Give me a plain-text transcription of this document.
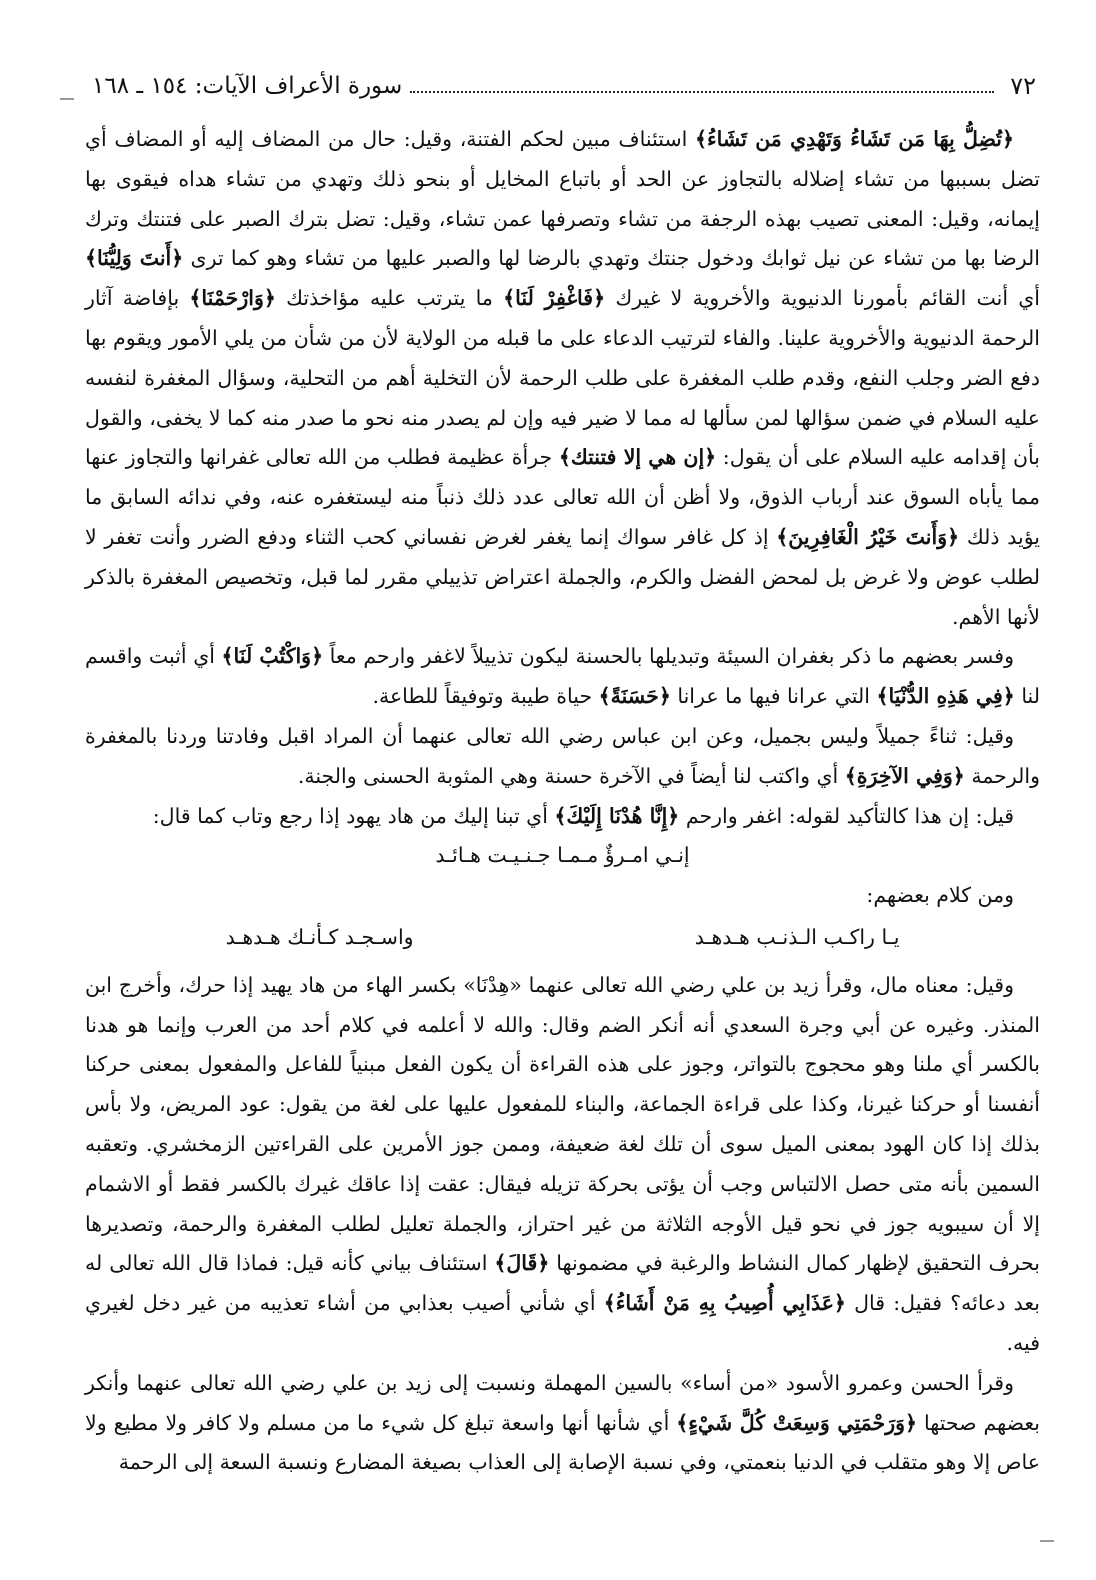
٧٢
سورة الأعراف الآيات: ١٥٤ ـ ١٦٨

﴿تُضِلُّ بِهَا مَن تَشَاءُ وَتَهْدِي مَن تَشَاءُ﴾ استئناف مبين لحكم الفتنة، وقيل: حال من المضاف إليه أو المضاف أي تضل بسببها من تشاء إضلاله بالتجاوز عن الحد أو باتباع المخايل أو بنحو ذلك وتهدي من تشاء هداه فيقوى بها إيمانه، وقيل: المعنى تصيب بهذه الرجفة من تشاء وتصرفها عمن تشاء، وقيل: تضل بترك الصبر على فتنتك وترك الرضا بها من تشاء عن نيل ثوابك ودخول جنتك وتهدي بالرضا لها والصبر عليها من تشاء وهو كما ترى ﴿أَنتَ وَلِيُّنَا﴾ أي أنت القائم بأمورنا الدنيوية والأخروية لا غيرك ﴿فَاغْفِرْ لَنَا﴾ ما يترتب عليه مؤاخذتك ﴿وَارْحَمْنَا﴾ بإفاضة آثار الرحمة الدنيوية والأخروية علينا. والفاء لترتيب الدعاء على ما قبله من الولاية لأن من شأن من يلي الأمور ويقوم بها دفع الضر وجلب النفع، وقدم طلب المغفرة على طلب الرحمة لأن التخلية أهم من التحلية، وسؤال المغفرة لنفسه عليه السلام في ضمن سؤالها لمن سألها له مما لا ضير فيه وإن لم يصدر منه نحو ما صدر منه كما لا يخفى، والقول بأن إقدامه عليه السلام على أن يقول: ﴿إن هي إلا فتنتك﴾ جرأة عظيمة فطلب من الله تعالى غفرانها والتجاوز عنها مما يأباه السوق عند أرباب الذوق، ولا أظن أن الله تعالى عدد ذلك ذنباً منه ليستغفره عنه، وفي ندائه السابق ما يؤيد ذلك ﴿وَأَنتَ خَيْرُ الْغَافِرِينَ﴾ إذ كل غافر سواك إنما يغفر لغرض نفساني كحب الثناء ودفع الضرر وأنت تغفر لا لطلب عوض ولا غرض بل لمحض الفضل والكرم، والجملة اعتراض تذييلي مقرر لما قبل، وتخصيص المغفرة بالذكر لأنها الأهم.

وفسر بعضهم ما ذكر بغفران السيئة وتبديلها بالحسنة ليكون تذييلاً لاغفر وارحم معاً ﴿وَاكْتُبْ لَنَا﴾ أي أثبت واقسم لنا ﴿فِي هَذِهِ الدُّنْيَا﴾ التي عرانا فيها ما عرانا ﴿حَسَنَةً﴾ حياة طيبة وتوفيقاً للطاعة.

وقيل: ثناءً جميلاً وليس بجميل، وعن ابن عباس رضي الله تعالى عنهما أن المراد اقبل وفادتنا وردنا بالمغفرة والرحمة ﴿وَفِي الآخِرَةِ﴾ أي واكتب لنا أيضاً في الآخرة حسنة وهي المثوبة الحسنى والجنة.

قيل: إن هذا كالتأكيد لقوله: اغفر وارحم ﴿إِنَّا هُدْنَا إِلَيْكَ﴾ أي تبنا إليك من هاد يهود إذا رجع وتاب كما قال:

إنـي امـرؤٌ مـمـا جـنـيـت هـائـد

ومن كلام بعضهم:

يـا راكـب الـذنـب هـدهـد
واسـجـد كـأنـك هـدهـد

وقيل: معناه مال، وقرأ زيد بن علي رضي الله تعالى عنهما «هِدْنَا» بكسر الهاء من هاد يهيد إذا حرك، وأخرج ابن المنذر. وغيره عن أبي وجرة السعدي أنه أنكر الضم وقال: والله لا أعلمه في كلام أحد من العرب وإنما هو هدنا بالكسر أي ملنا وهو محجوج بالتواتر، وجوز على هذه القراءة أن يكون الفعل مبنياً للفاعل والمفعول بمعنى حركنا أنفسنا أو حركنا غيرنا، وكذا على قراءة الجماعة، والبناء للمفعول عليها على لغة من يقول: عود المريض، ولا بأس بذلك إذا كان الهود بمعنى الميل سوى أن تلك لغة ضعيفة، وممن جوز الأمرين على القراءتين الزمخشري. وتعقبه السمين بأنه متى حصل الالتباس وجب أن يؤتى بحركة تزيله فيقال: عقت إذا عاقك غيرك بالكسر فقط أو الاشمام إلا أن سيبويه جوز في نحو قيل الأوجه الثلاثة من غير احتراز، والجملة تعليل لطلب المغفرة والرحمة، وتصديرها بحرف التحقيق لإظهار كمال النشاط والرغبة في مضمونها ﴿قَالَ﴾ استئناف بياني كأنه قيل: فماذا قال الله تعالى له بعد دعائه؟ فقيل: قال ﴿عَذَابِي أُصِيبُ بِهِ مَنْ أَشَاءُ﴾ أي شأني أصيب بعذابي من أشاء تعذيبه من غير دخل لغيري فيه.

وقرأ الحسن وعمرو الأسود «من أساء» بالسين المهملة ونسبت إلى زيد بن علي رضي الله تعالى عنهما وأنكر بعضهم صحتها ﴿وَرَحْمَتِي وَسِعَتْ كُلَّ شَيْءٍ﴾ أي شأنها أنها واسعة تبلغ كل شيء ما من مسلم ولا كافر ولا مطيع ولا عاص إلا وهو متقلب في الدنيا بنعمتي، وفي نسبة الإصابة إلى العذاب بصيغة المضارع ونسبة السعة إلى الرحمة
